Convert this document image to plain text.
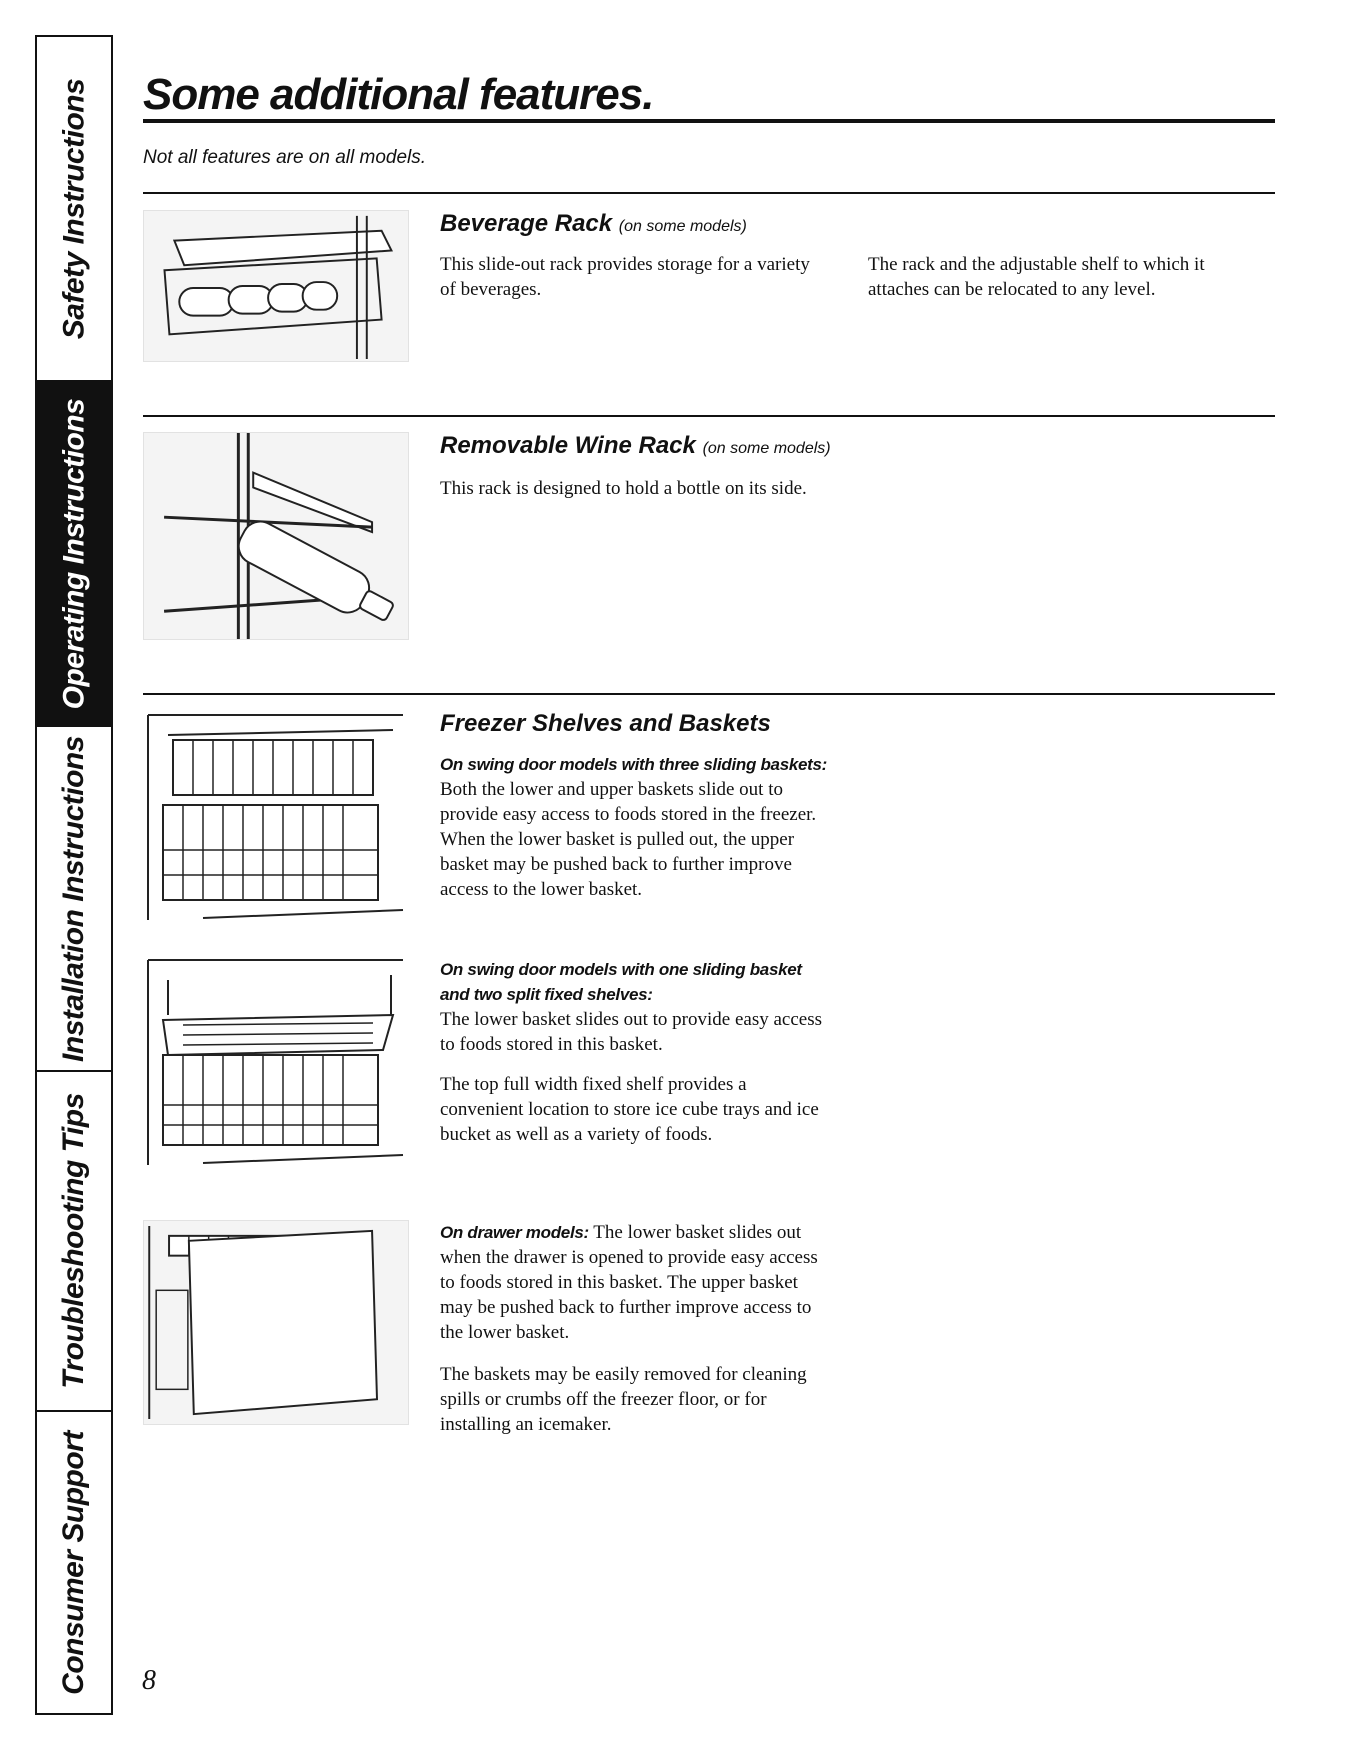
Safety Instructions
Operating Instructions
Installation Instructions
Troubleshooting Tips
Consumer Support
Some additional features.
Not all features are on all models.
Beverage Rack (on some models)

This slide-out rack provides storage for a variety of beverages.

The rack and the adjustable shelf to which it attaches can be relocated to any level.

Removable Wine Rack (on some models)

This rack is designed to hold a bottle on its side.

Freezer Shelves and Baskets

On swing door models with three sliding baskets: Both the lower and upper baskets slide out to provide easy access to foods stored in the freezer. When the lower basket is pulled out, the upper basket may be pushed back to further improve access to the lower basket.

On swing door models with one sliding basket and two split fixed shelves:
The lower basket slides out to provide easy access to foods stored in this basket.

The top full width fixed shelf provides a convenient location to store ice cube trays and ice bucket as well as a variety of foods.

On drawer models: The lower basket slides out when the drawer is opened to provide easy access to foods stored in this basket. The upper basket may be pushed back to further improve access to the lower basket.

The baskets may be easily removed for cleaning spills or crumbs off the freezer floor, or for installing an icemaker.

8
